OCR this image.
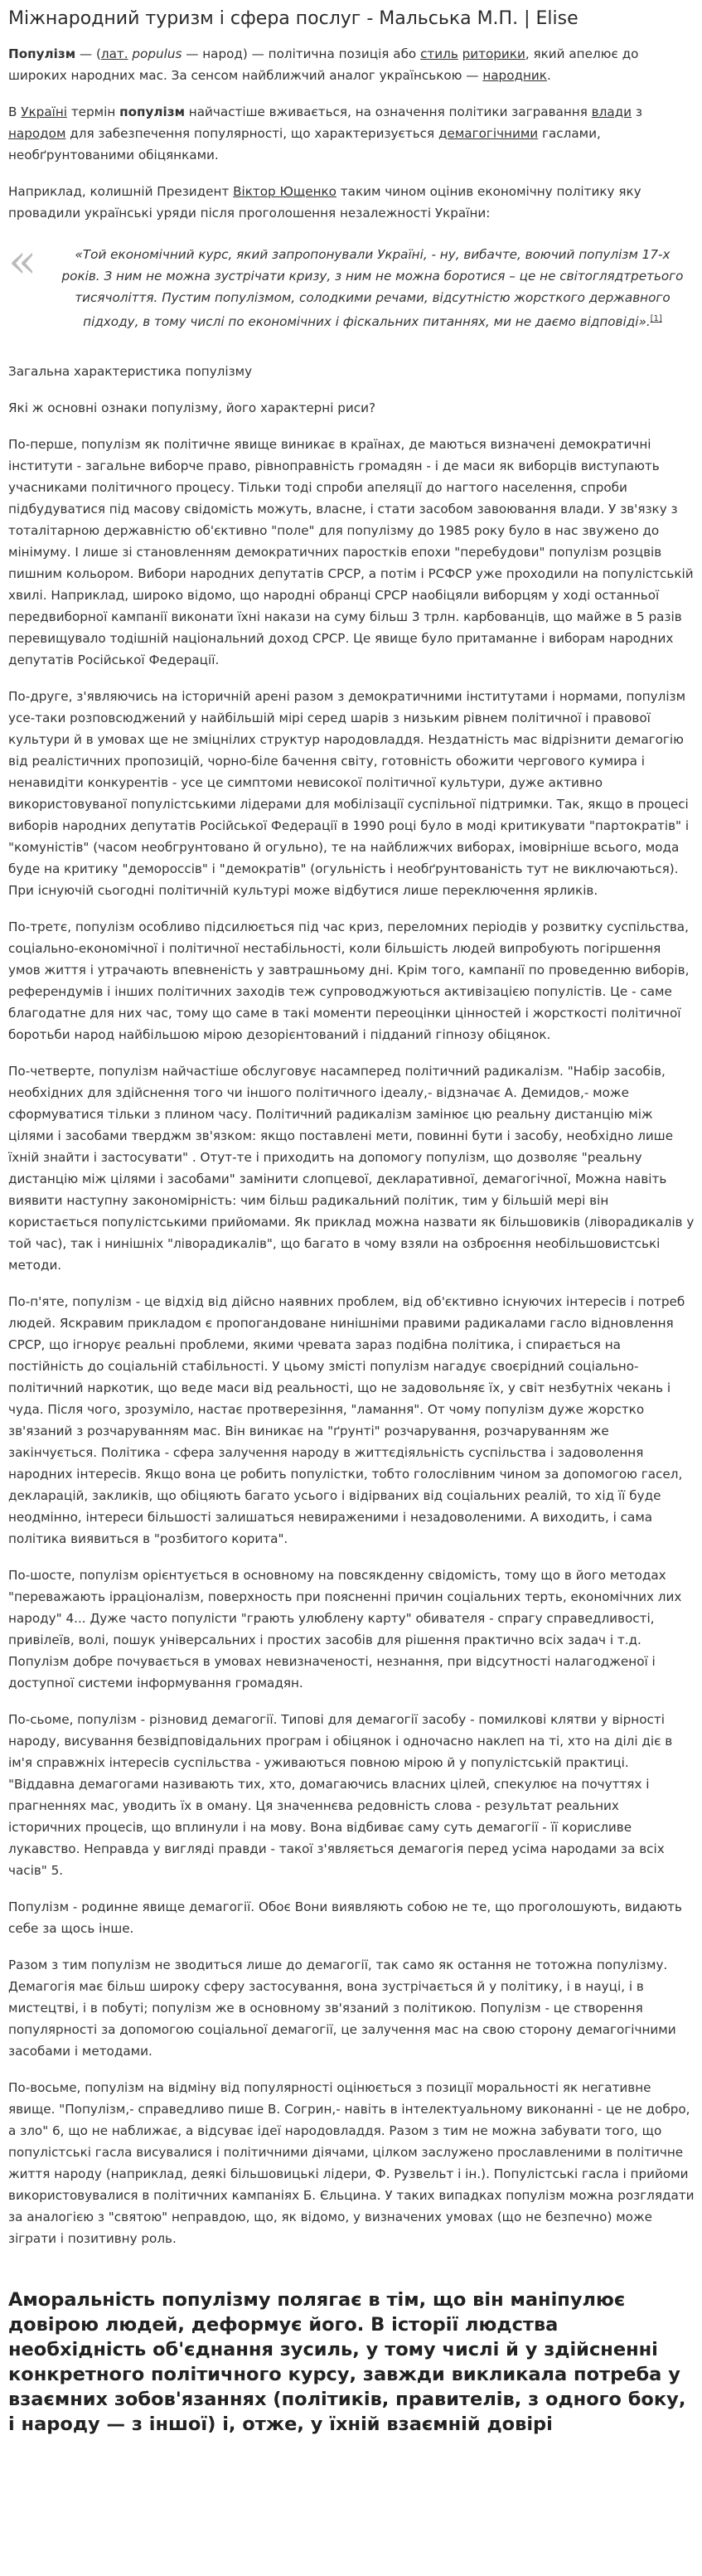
Міжнародний туризм і сфера послуг - Мальська М.П. | Elise

Популізм — (лат. populus — народ) — політична позиція або стиль риторики, який апелює до широких народних мас. За сенсом найближчий аналог українською — народник.

В Україні термін популізм найчастіше вживається, на означення політики загравання влади з народом для забезпечення популярності, що характеризується демагогічними гаслами, необґрунтованими обіцянками.

Наприклад, колишній Президент Віктор Ющенко таким чином оцінив економічну політику яку провадили українські уряди після проголошення незалежності України:

«	«Той економічний курс, який запропонували Україні, - ну, вибачте, воючий популізм 17-х років. З ним не можна зустрічати кризу, з ним не можна боротися – це не світоглядтретього тисячоліття. Пустим популізмом, солодкими речами, відсутністю жорсткого державного підходу, в тому числі по економічних і фіскальних питаннях, ми не даємо відповіді».[1]

Загальна характеристика популізму

Які ж основні ознаки популізму, його характерні риси?

По-перше, популізм як політичне явище виникає в країнах, де маються визначені демократичні інститути - загальне виборче право, рівноправність громадян - і де маси як виборців виступають учасниками політичного процесу. Тільки тоді спроби апеляції до нагтого населення, спроби підбудуватися під масову свідомість можуть, власне, і стати засобом завоювання влади. У зв'язку з тоталітарною державністю об'єктивно "поле" для популізму до 1985 року було в нас звужено до мінімуму. І лише зі становленням демократичних паростків епохи "перебудови" популізм розцвів пишним кольором. Вибори народних депутатів СРСР, а потім і РСФСР уже проходили на популістській хвилі. Наприклад, широко відомо, що народні обранці СРСР наобіцяли виборцям у ході останньої передвиборної кампанії виконати їхні накази на суму більш 3 трлн. карбованців, що майже в 5 разів перевищувало тодішній національний доход СРСР. Це явище було притаманне і виборам народних депутатів Російської Федерації.

По-друге, з'являючись на історичній арені разом з демократичними інститутами і нормами, популізм усе-таки розповсюджений у найбільшій мірі серед шарів з низьким рівнем політичної і правової культури й в умовах ще не зміцнілих структур народовладдя. Нездатність мас відрізнити демагогію від реалістичних пропозицій, чорно-біле бачення світу, готовність обожити чергового кумира і ненавидіти конкурентів - усе це симптоми невисокої політичної культури, дуже активно використовуваної популістськими лідерами для мобілізації суспільної підтримки. Так, якщо в процесі виборів народних депутатів Російської Федерації в 1990 році було в моді критикувати "партократів" і "комуністів" (часом необгрунтовано й огульно), те на найближчих виборах, імовірніше всього, мода буде на критику "демороссів" і "демократів" (огульність і необґрунтованість тут не виключаються). При існуючій сьогодні політичній культурі може відбутися лише переключення ярликів.

По-третє, популізм особливо підсилюється під час криз, переломних періодів у розвитку суспільства, соціально-економічної і політичної нестабільності, коли більшість людей випробують погіршення умов життя і утрачають впевненість у завтрашньому дні. Крім того, кампанії по проведенню виборів, референдумів і інших політичних заходів теж супроводжуються активізацією популістів. Це - саме благодатне для них час, тому що саме в такі моменти переоцінки цінностей і жорсткості політичної боротьби народ найбільшою мірою дезорієнтований і підданий гіпнозу обіцянок.

По-четверте, популізм найчастіше обслуговує насамперед політичний радикалізм. "Набір засобів, необхідних для здійснення того чи іншого політичного ідеалу,- відзначає А. Демидов,- може сформуватися тільки з плином часу. Політичний радикалізм замінює цю реальну дистанцію між цілями і засобами тверджм зв'язком: якщо поставлені мети, повинні бути і засобу, необхідно лише їхній знайти і застосувати" . Отут-те і приходить на допомогу популізм, що дозволяє "реальну дистанцію між цілями і засобами" замінити слопцевої, декларативної, демагогічної, Можна навіть виявити наступну закономірність: чим більш радикальний політик, тим у більшій мері він користається популістськими прийомами. Як приклад можна назвати як більшовиків (ліворадикалів у той час), так і нинішніх "ліворадикалів", що багато в чому взяли на озброєння необільшовистські методи.

По-п'яте, популізм - це відхід від дійсно наявних проблем, від об'єктивно існуючих інтересів і потреб людей. Яскравим прикладом є пропогандоване нинішніми правими радикалами гасло відновлення СРСР, що ігнорує реальні проблеми, якими чревата зараз подібна політика, і спирається на постійність до соціальній стабільності. У цьому змісті популізм нагадує своєрідний соціально-політичний наркотик, що веде маси від реальності, що не задовольняє їх, у світ незбутніх чекань і чуда. Після чого, зрозуміло, настає протверезіння, "ламання". От чому популізм дуже жорстко зв'язаний з розчаруванням мас. Він виникає на "ґрунті" розчарування, розчаруванням же закінчується. Політика - сфера залучення народу в життєдіяльність суспільства і задоволення народних інтересів. Якщо вона це робить популістки, тобто голослівним чином за допомогою гасел, декларацій, закликів, що обіцяють багато усього і відірваних від соціальних реалій, то хід її буде неодмінно, інтереси більшості залишаться невираженими і незадоволеними. А виходить, і сама політика виявиться в "розбитого корита".

По-шосте, популізм орієнтується в основному на повсякденну свідомість, тому що в його методах "переважають ірраціоналізм, поверхность при поясненні причин соціальних терть, економічних лих народу" 4... Дуже часто популісти "грають улюблену карту" обивателя - спрагу справедливості, привілеїв, волі, пошук універсальних і простих засобів для рішення практично всіх задач і т.д. Популізм добре почувається в умовах невизначеності, незнання, при відсутності налагодженої і доступної системи інформування громадян.

По-сьоме, популізм - різновид демагогії. Типові для демагогії засобу - помилкові клятви у вірності народу, висування безвідповідальних програм і обіцянок і одночасно наклеп на ті, хто на ділі діє в ім'я справжніх інтересів суспільства - уживаються повною мірою й у популістській практиці. "Віддавна демагогами називають тих, хто, домагаючись власних цілей, спекулює на почуттях і прагненнях мас, уводить їх в оману. Ця значеннєва редовність слова - результат реальних історичних процесів, що вплинули і на мову. Вона відбиває саму суть демагогії - її корисливе лукавство. Неправда у вигляді правди - такої з'являється демагогія перед усіма народами за всіх часів" 5.

Популізм - родинне явище демагогії. Обоє Вони виявляють собою не те, що проголошують, видають себе за щось інше.

Разом з тим популізм не зводиться лише до демагогії, так само як остання не тотожна популізму. Демагогія має більш широку сферу застосування, вона зустрічається й у політику, і в науці, і в мистецтві, і в побуті; популізм же в основному зв'язаний з політикою. Популізм - це створення популярності за допомогою соціальної демагогії, це залучення мас на свою сторону демагогічними засобами і методами.

По-восьме, популізм на відміну від популярності оцінюється з позиції моральності як негативне явище. "Популізм,- справедливо пише В. Согрин,- навіть в інтелектуальному виконанні - це не добро, а зло" 6, що не наближає, а відсуває ідеї народовладдя. Разом з тим не можна забувати того, що популістські гасла висувалися і політичними діячами, цілком заслужено прославленими в політичне життя народу (наприклад, деякі більшовицькі лідери, Ф. Рузвельт і ін.). Популістські гасла і прийоми використовувалися в політичних кампаніях Б. Єльцина. У таких випадках популізм можна розглядати за аналогією з "святою" неправдою, що, як відомо, у визначених умовах (що не безпечно) може зіграти і позитивну роль.

Аморальність популізму полягає в тім, що він маніпулює довірою людей, деформує його. В історії людства необхідність об'єднання зусиль, у тому числі й у здійсненні конкретного політичного курсу, завжди викликала потреба у взаємних зобов'язаннях (політиків, правителів, з одного боку, і народу — з іншої) і, отже, у їхній взаємній довірі
